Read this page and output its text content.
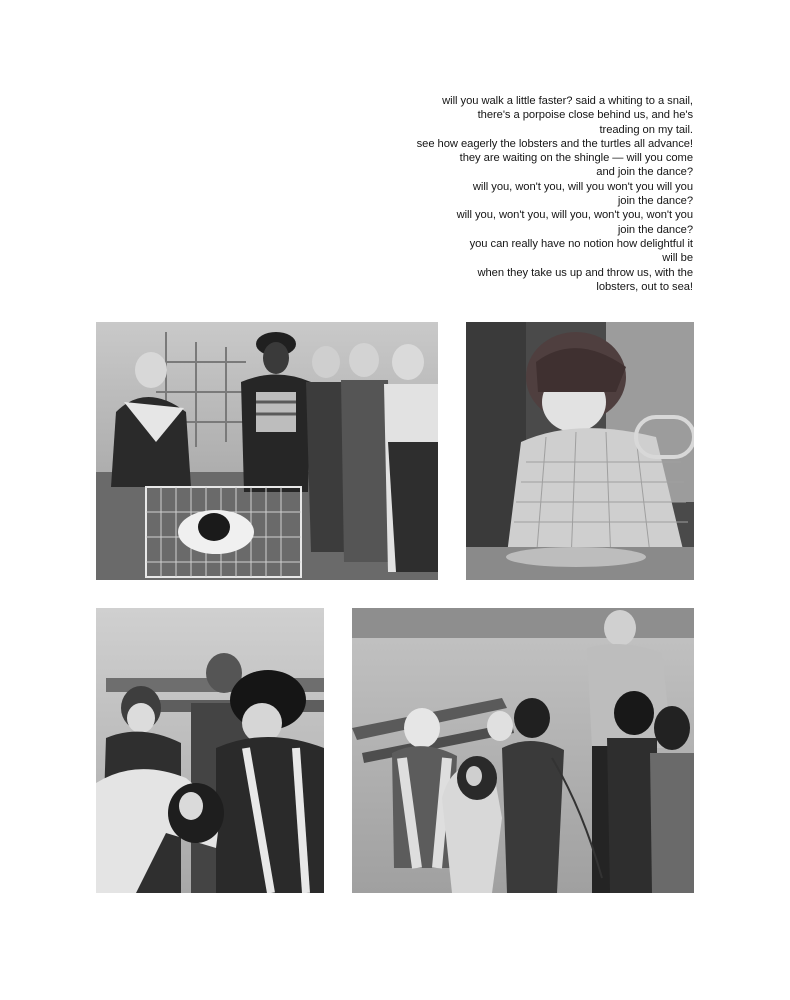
will you walk a little faster? said a whiting to a snail,
there's a porpoise close behind us, and he's
treading on my tail.
see how eagerly the lobsters and the turtles all advance!
they are waiting on the shingle — will you come
and join the dance?
will you, won't you, will you won't you will you
join the dance?
will you, won't you, will you, won't you, won't you
join the dance?
you can really have no notion how delightful it
will be
when they take us up and throw us, with the
lobsters, out to sea!
